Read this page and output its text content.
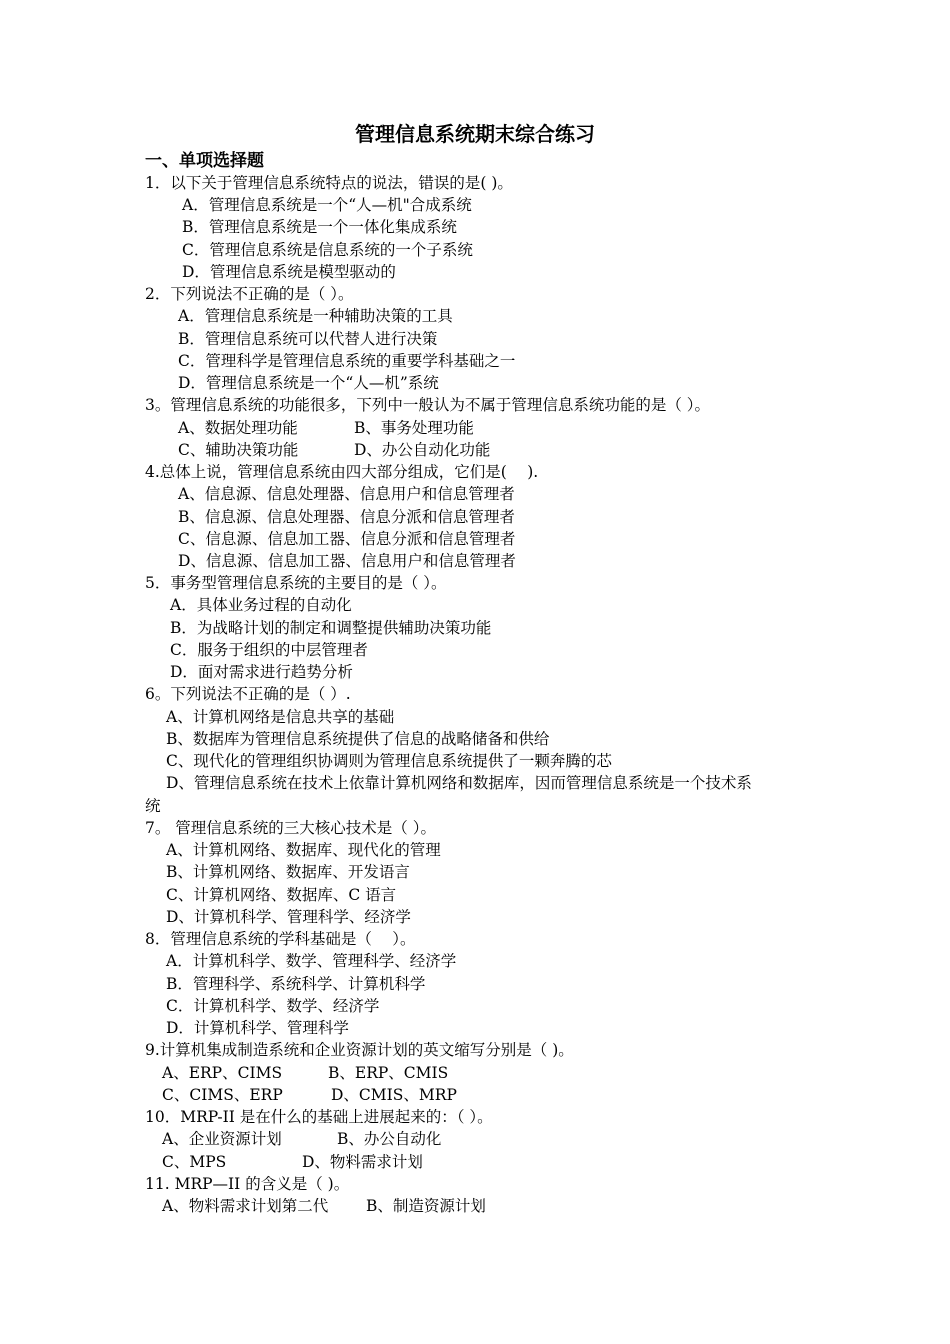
管理信息系统期末综合练习
一、单项选择题
1．以下关于管理信息系统特点的说法，错误的是( )。
A．管理信息系统是一个“人—机"合成系统
B．管理信息系统是一个一体化集成系统
C．管理信息系统是信息系统的一个子系统
D．管理信息系统是模型驱动的
2．下列说法不正确的是（ ）。
A．管理信息系统是一种辅助决策的工具
B．管理信息系统可以代替人进行决策
C．管理科学是管理信息系统的重要学科基础之一
D．管理信息系统是一个“人—机”系统
3。管理信息系统的功能很多，下列中一般认为不属于管理信息系统功能的是（ ）。
A、数据处理功能	B、事务处理功能
C、辅助决策功能	D、办公自动化功能
4.总体上说，管理信息系统由四大部分组成，它们是(　 ).
A、信息源、信息处理器、信息用户和信息管理者
B、信息源、信息处理器、信息分派和信息管理者
C、信息源、信息加工器、信息分派和信息管理者
D、信息源、信息加工器、信息用户和信息管理者
5．事务型管理信息系统的主要目的是（ ）。
A．具体业务过程的自动化
B．为战略计划的制定和调整提供辅助决策功能
C．服务于组织的中层管理者
D．面对需求进行趋势分析
6。下列说法不正确的是（ ）.
A、计算机网络是信息共享的基础
B、数据库为管理信息系统提供了信息的战略储备和供给
C、现代化的管理组织协调则为管理信息系统提供了一颗奔腾的芯
D、管理信息系统在技术上依靠计算机网络和数据库，因而管理信息系统是一个技术系
统
7。 管理信息系统的三大核心技术是（ ）。
A、计算机网络、数据库、现代化的管理
B、计算机网络、数据库、开发语言
C、计算机网络、数据库、C 语言
D、计算机科学、管理科学、经济学
8．管理信息系统的学科基础是（　 ）。
A．计算机科学、数学、管理科学、经济学
B．管理科学、系统科学、计算机科学
C．计算机科学、数学、经济学
D．计算机科学、管理科学
9.计算机集成制造系统和企业资源计划的英文缩写分别是（ )。
A、ERP、CIMS	B、ERP、CMIS
C、CIMS、ERP	D、CMIS、MRP
10．MRP-II 是在什么的基础上进展起来的：（ ）。
A、企业资源计划	B、办公自动化
C、MPS	D、物料需求计划
11. MRP—II 的含义是（ )。
A、物料需求计划第二代 B、制造资源计划
